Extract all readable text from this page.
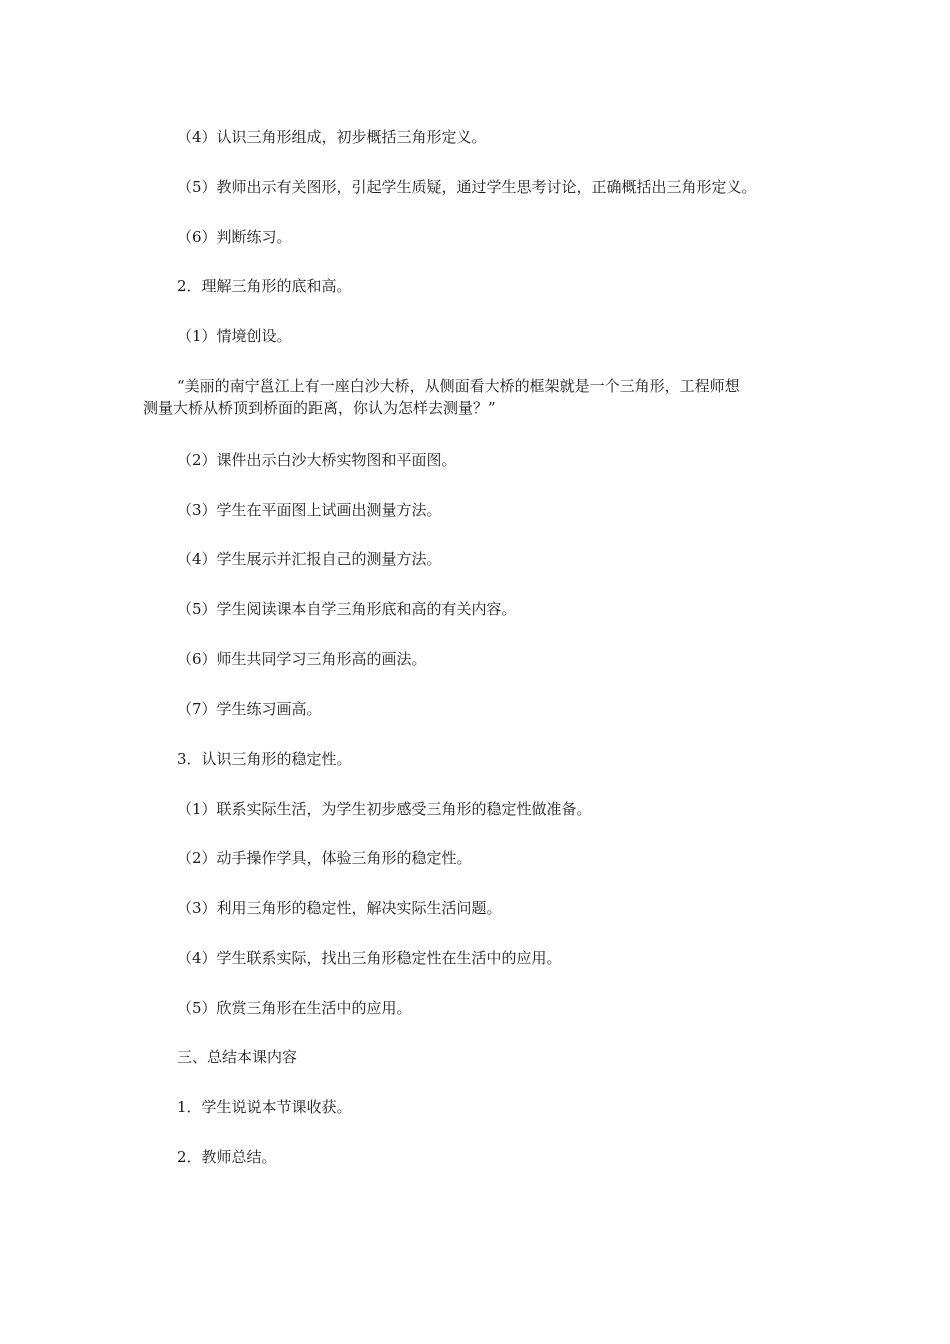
（4）认识三角形组成，初步概括三角形定义。
（5）教师出示有关图形，引起学生质疑，通过学生思考讨论，正确概括出三角形定义。
（6）判断练习。
2．理解三角形的底和高。
（1）情境创设。
“美丽的南宁邕江上有一座白沙大桥，从侧面看大桥的框架就是一个三角形，工程师想
测量大桥从桥顶到桥面的距离，你认为怎样去测量？”
（2）课件出示白沙大桥实物图和平面图。
（3）学生在平面图上试画出测量方法。
（4）学生展示并汇报自己的测量方法。
（5）学生阅读课本自学三角形底和高的有关内容。
（6）师生共同学习三角形高的画法。
（7）学生练习画高。
3．认识三角形的稳定性。
（1）联系实际生活，为学生初步感受三角形的稳定性做准备。
（2）动手操作学具，体验三角形的稳定性。
（3）利用三角形的稳定性，解决实际生活问题。
（4）学生联系实际，找出三角形稳定性在生活中的应用。
（5）欣赏三角形在生活中的应用。
三、总结本课内容
1．学生说说本节课收获。
2．教师总结。
